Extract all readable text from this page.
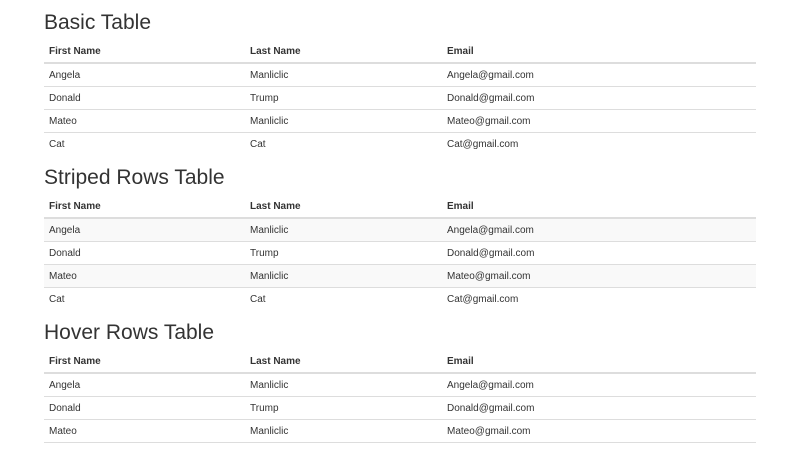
Basic Table
First Name	Last Name	Email
Angela	Manliclic	Angela@gmail.com
Donald	Trump	Donald@gmail.com
Mateo	Manliclic	Mateo@gmail.com
Cat	Cat	Cat@gmail.com
Striped Rows Table
First Name	Last Name	Email
Angela	Manliclic	Angela@gmail.com
Donald	Trump	Donald@gmail.com
Mateo	Manliclic	Mateo@gmail.com
Cat	Cat	Cat@gmail.com
Hover Rows Table
First Name	Last Name	Email
Angela	Manliclic	Angela@gmail.com
Donald	Trump	Donald@gmail.com
Mateo	Manliclic	Mateo@gmail.com
